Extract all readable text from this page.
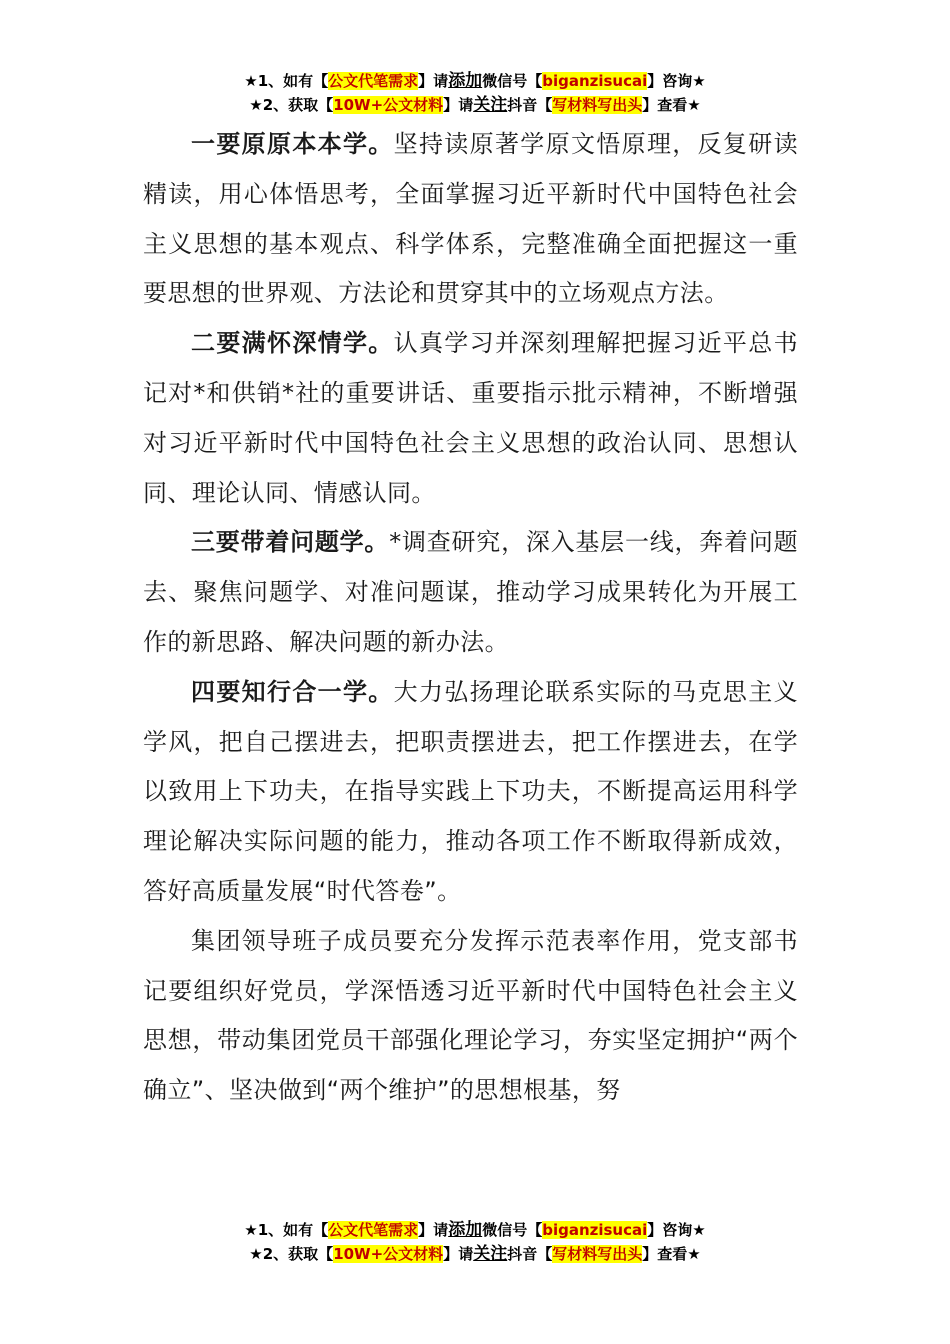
★1、如有【公文代笔需求】请添加微信号【biganzisucai】咨询★
★2、获取【10W+公文材料】请关注抖音【写材料写出头】查看★

一要原原本本学。坚持读原著学原文悟原理，反复研读精读，用心体悟思考，全面掌握习近平新时代中国特色社会主义思想的基本观点、科学体系，完整准确全面把握这一重要思想的世界观、方法论和贯穿其中的立场观点方法。

二要满怀深情学。认真学习并深刻理解把握习近平总书记对*和供销*社的重要讲话、重要指示批示精神，不断增强对习近平新时代中国特色社会主义思想的政治认同、思想认同、理论认同、情感认同。

三要带着问题学。*调查研究，深入基层一线，奔着问题去、聚焦问题学、对准问题谋，推动学习成果转化为开展工作的新思路、解决问题的新办法。

四要知行合一学。大力弘扬理论联系实际的马克思主义学风，把自己摆进去，把职责摆进去，把工作摆进去，在学以致用上下功夫，在指导实践上下功夫，不断提高运用科学理论解决实际问题的能力，推动各项工作不断取得新成效，答好高质量发展“时代答卷”。

集团领导班子成员要充分发挥示范表率作用，党支部书记要组织好党员，学深悟透习近平新时代中国特色社会主义思想，带动集团党员干部强化理论学习，夯实坚定拥护“两个确立”、坚决做到“两个维护”的思想根基，努

★1、如有【公文代笔需求】请添加微信号【biganzisucai】咨询★
★2、获取【10W+公文材料】请关注抖音【写材料写出头】查看★
